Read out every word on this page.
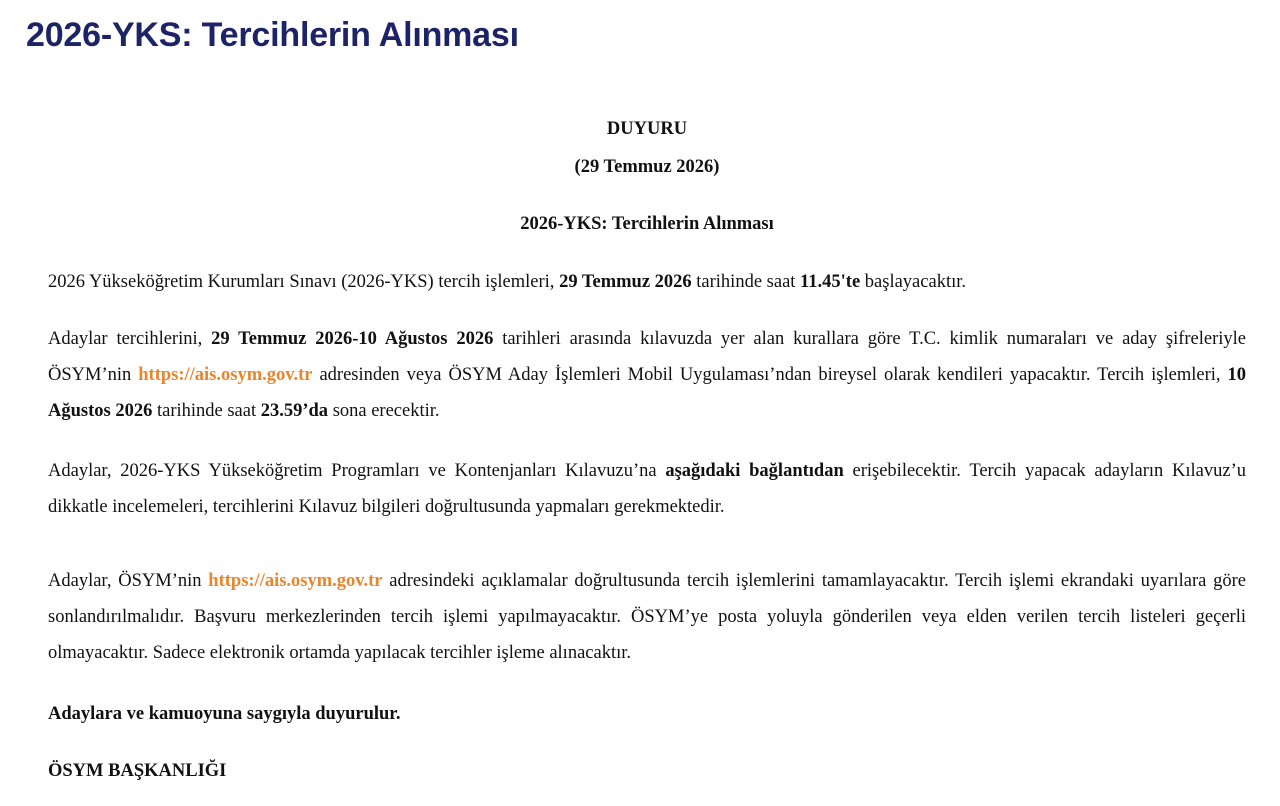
2026-YKS: Tercihlerin Alınması

DUYURU

(29 Temmuz 2026)

2026-YKS: Tercihlerin Alınması

2026 Yükseköğretim Kurumları Sınavı (2026-YKS) tercih işlemleri, 29 Temmuz 2026 tarihinde saat 11.45'te başlayacaktır.

Adaylar tercihlerini, 29 Temmuz 2026-10 Ağustos 2026 tarihleri arasında kılavuzda yer alan kurallara göre T.C. kimlik numaraları ve aday şifreleriyle ÖSYM’nin https://ais.osym.gov.tr adresinden veya ÖSYM Aday İşlemleri Mobil Uygulaması’ndan bireysel olarak kendileri yapacaktır. Tercih işlemleri, 10 Ağustos 2026 tarihinde saat 23.59’da sona erecektir.

Adaylar, 2026-YKS Yükseköğretim Programları ve Kontenjanları Kılavuzu’na aşağıdaki bağlantıdan erişebilecektir. Tercih yapacak adayların Kılavuz’u dikkatle incelemeleri, tercihlerini Kılavuz bilgileri doğrultusunda yapmaları gerekmektedir.

Adaylar, ÖSYM’nin https://ais.osym.gov.tr adresindeki açıklamalar doğrultusunda tercih işlemlerini tamamlayacaktır. Tercih işlemi ekrandaki uyarılara göre sonlandırılmalıdır. Başvuru merkezlerinden tercih işlemi yapılmayacaktır. ÖSYM’ye posta yoluyla gönderilen veya elden verilen tercih listeleri geçerli olmayacaktır. Sadece elektronik ortamda yapılacak tercihler işleme alınacaktır.

Adaylara ve kamuoyuna saygıyla duyurulur.

ÖSYM BAŞKANLIĞI
